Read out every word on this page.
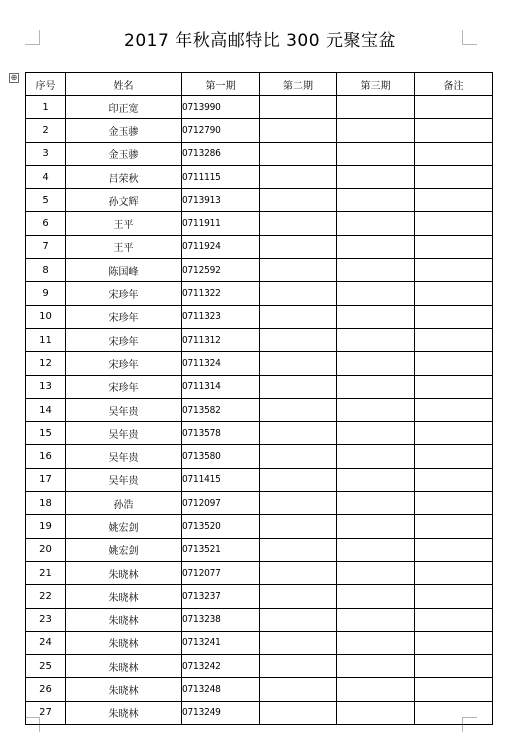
2017 年秋高邮特比 300 元聚宝盆
⊕
序号	姓名	第一期	第二期	第三期	备注
1	印正宽	0713990			
2	金玉骖	0712790			
3	金玉骖	0713286			
4	吕荣秋	0711115			
5	孙文辉	0713913			
6	王平	0711911			
7	王平	0711924			
8	陈国峰	0712592			
9	宋珍年	0711322			
10	宋珍年	0711323			
11	宋珍年	0711312			
12	宋珍年	0711324			
13	宋珍年	0711314			
14	吴年贵	0713582			
15	吴年贵	0713578			
16	吴年贵	0713580			
17	吴年贵	0711415			
18	孙浩	0712097			
19	姚宏剑	0713520			
20	姚宏剑	0713521			
21	朱晓林	0712077			
22	朱晓林	0713237			
23	朱晓林	0713238			
24	朱晓林	0713241			
25	朱晓林	0713242			
26	朱晓林	0713248			
27	朱晓林	0713249			
